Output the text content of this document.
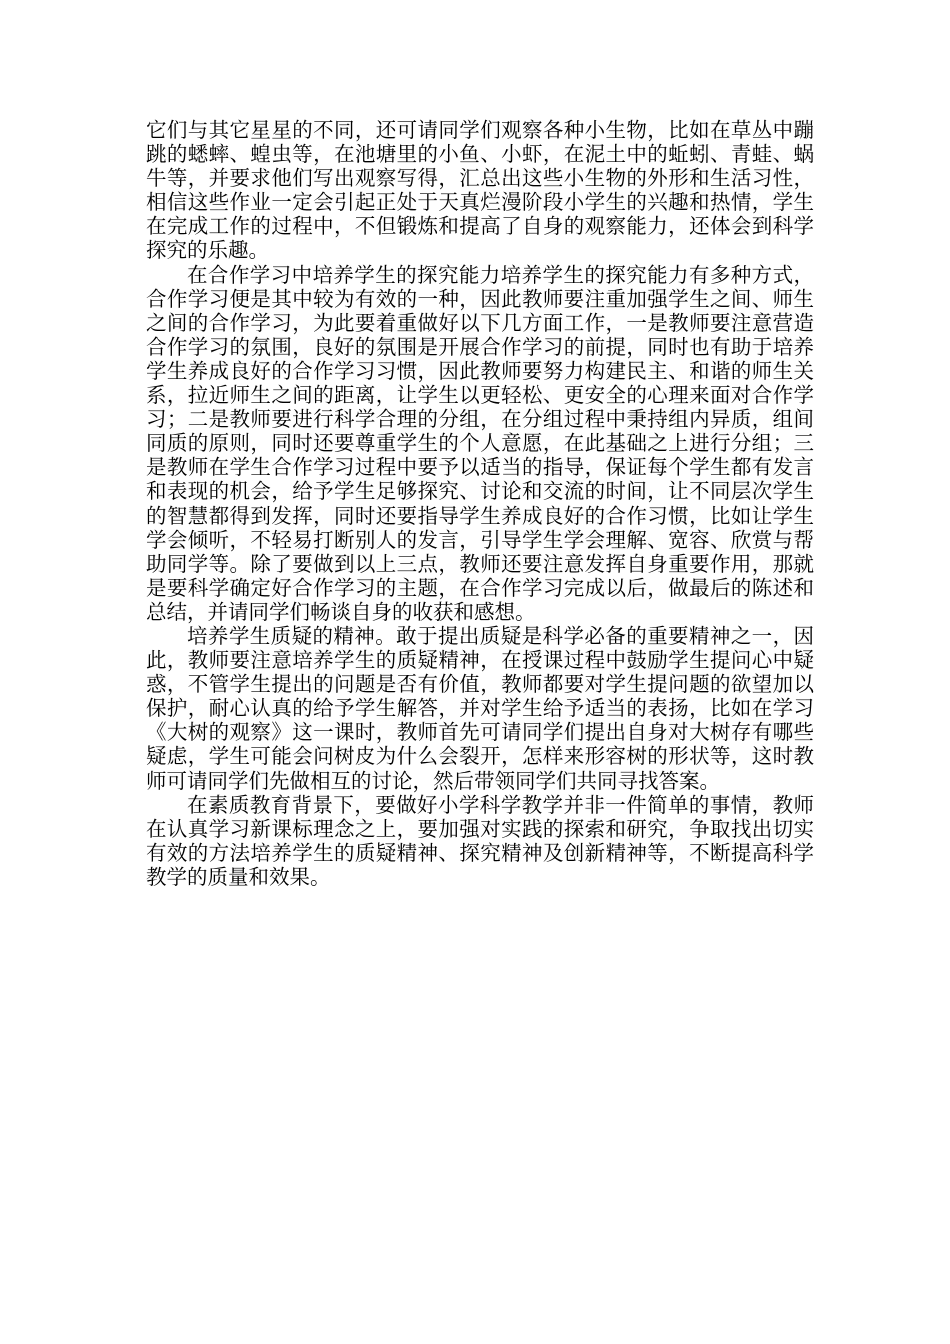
它们与其它星星的不同，还可请同学们观察各种小生物，比如在草丛中蹦跳的蟋蟀、蝗虫等，在池塘里的小鱼、小虾，在泥土中的蚯蚓、青蛙、蜗牛等，并要求他们写出观察写得，汇总出这些小生物的外形和生活习性，相信这些作业一定会引起正处于天真烂漫阶段小学生的兴趣和热情，学生在完成工作的过程中，不但锻炼和提高了自身的观察能力，还体会到科学探究的乐趣。

在合作学习中培养学生的探究能力培养学生的探究能力有多种方式，合作学习便是其中较为有效的一种，因此教师要注重加强学生之间、师生之间的合作学习，为此要着重做好以下几方面工作，一是教师要注意营造合作学习的氛围，良好的氛围是开展合作学习的前提，同时也有助于培养学生养成良好的合作学习习惯，因此教师要努力构建民主、和谐的师生关系，拉近师生之间的距离，让学生以更轻松、更安全的心理来面对合作学习；二是教师要进行科学合理的分组，在分组过程中秉持组内异质，组间同质的原则，同时还要尊重学生的个人意愿，在此基础之上进行分组；三是教师在学生合作学习过程中要予以适当的指导，保证每个学生都有发言和表现的机会，给予学生足够探究、讨论和交流的时间，让不同层次学生的智慧都得到发挥，同时还要指导学生养成良好的合作习惯，比如让学生学会倾听，不轻易打断别人的发言，引导学生学会理解、宽容、欣赏与帮助同学等。除了要做到以上三点，教师还要注意发挥自身重要作用，那就是要科学确定好合作学习的主题，在合作学习完成以后，做最后的陈述和总结，并请同学们畅谈自身的收获和感想。

培养学生质疑的精神。敢于提出质疑是科学必备的重要精神之一，因此，教师要注意培养学生的质疑精神，在授课过程中鼓励学生提问心中疑惑，不管学生提出的问题是否有价值，教师都要对学生提问题的欲望加以保护，耐心认真的给予学生解答，并对学生给予适当的表扬，比如在学习《大树的观察》这一课时，教师首先可请同学们提出自身对大树存有哪些疑虑，学生可能会问树皮为什么会裂开，怎样来形容树的形状等，这时教师可请同学们先做相互的讨论，然后带领同学们共同寻找答案。

在素质教育背景下，要做好小学科学教学并非一件简单的事情，教师在认真学习新课标理念之上，要加强对实践的探索和研究，争取找出切实有效的方法培养学生的质疑精神、探究精神及创新精神等，不断提高科学教学的质量和效果。
